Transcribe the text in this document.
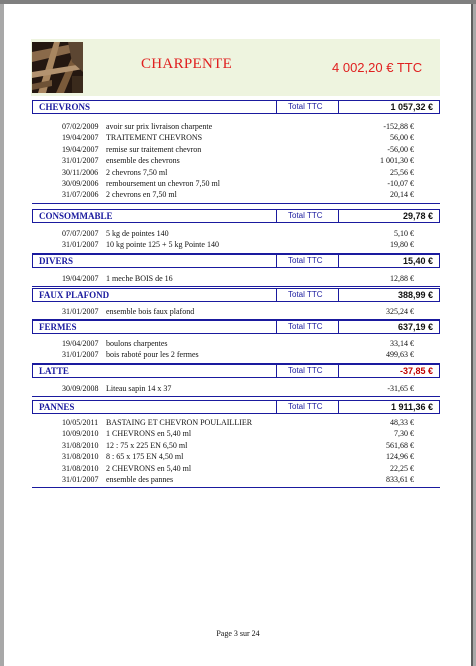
CHARPENTE	4 002,20 € TTC
CHEVRONS	Total TTC	1 057,32 €
07/02/2009 avoir sur prix livraison charpente	-152,88 €
19/04/2007 TRAITEMENT CHEVRONS	56,00 €
19/04/2007 remise sur traitement chevron	-56,00 €
31/01/2007 ensemble des chevrons	1 001,30 €
30/11/2006 2 chevrons 7,50 ml	25,56 €
30/09/2006 remboursement un chevron 7,50 ml	-10,07 €
31/07/2006 2 chevrons en 7,50 ml	20,14 €
CONSOMMABLE	Total TTC	29,78 €
07/07/2007 5 kg de pointes 140	5,10 €
31/01/2007 10 kg pointe 125 + 5 kg Pointe 140	19,80 €
DIVERS	Total TTC	15,40 €
19/04/2007 1 meche BOIS de 16	12,88 €
FAUX PLAFOND	Total TTC	388,99 €
31/01/2007 ensemble bois faux plafond	325,24 €
FERMES	Total TTC	637,19 €
19/04/2007 boulons charpentes	33,14 €
31/01/2007 bois raboté pour les 2 fermes	499,63 €
LATTE	Total TTC	-37,85 €
30/09/2008 Liteau sapin 14 x 37	-31,65 €
PANNES	Total TTC	1 911,36 €
10/05/2011 BASTAING ET CHEVRON POULAILLIER	48,33 €
10/09/2010 1 CHEVRONS en 5,40 ml	7,30 €
31/08/2010 12 : 75 x 225 EN 6,50 ml	561,68 €
31/08/2010 8 : 65 x 175 EN 4,50 ml	124,96 €
31/08/2010 2 CHEVRONS en 5,40 ml	22,25 €
31/01/2007 ensemble des pannes	833,61 €
Page 3 sur 24
